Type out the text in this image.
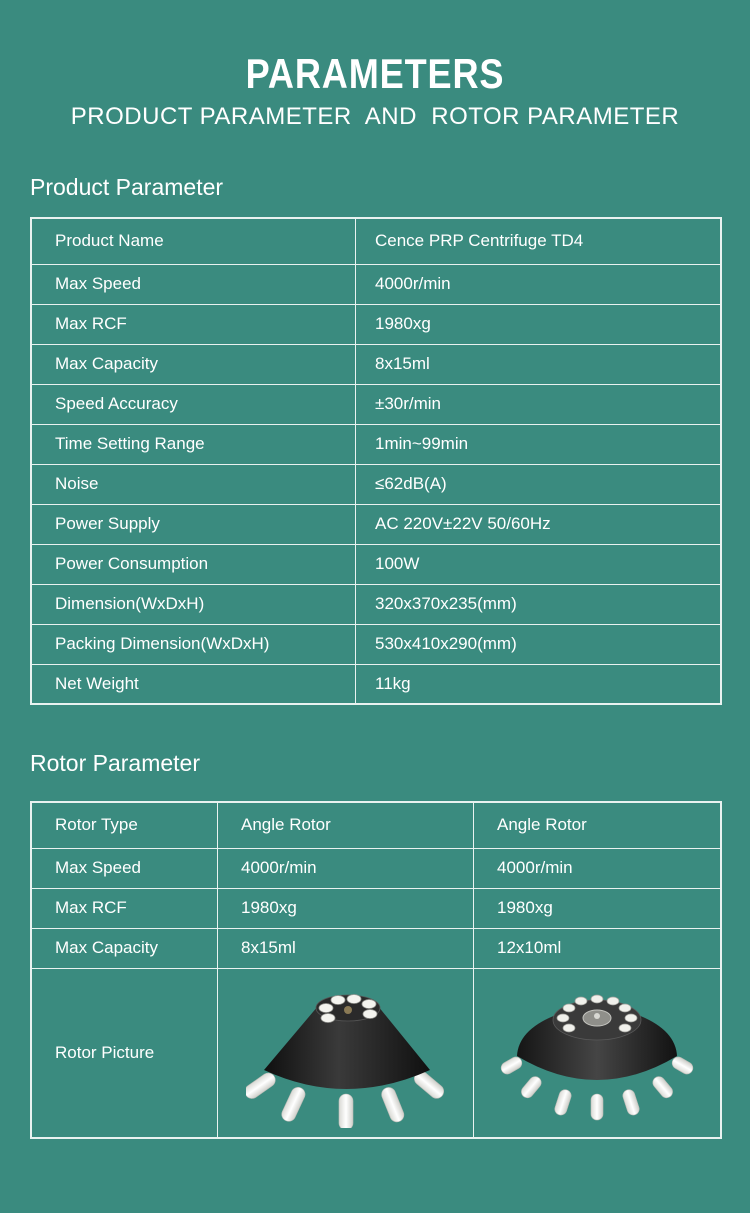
PARAMETERS
PRODUCT PARAMETER  AND  ROTOR PARAMETER
Product Parameter
Product Name	Cence PRP Centrifuge TD4
Max Speed	4000r/min
Max RCF	1980xg
Max Capacity	8x15ml
Speed Accuracy	±30r/min
Time Setting Range	1min~99min
Noise	≤62dB(A)
Power Supply	AC 220V±22V 50/60Hz
Power Consumption	100W
Dimension(WxDxH)	320x370x235(mm)
Packing Dimension(WxDxH)	530x410x290(mm)
Net Weight	11kg
Rotor Parameter
Rotor Type	Angle Rotor	Angle Rotor
Max Speed	4000r/min	4000r/min
Max RCF	1980xg	1980xg
Max Capacity	8x15ml	12x10ml
Rotor Picture	
